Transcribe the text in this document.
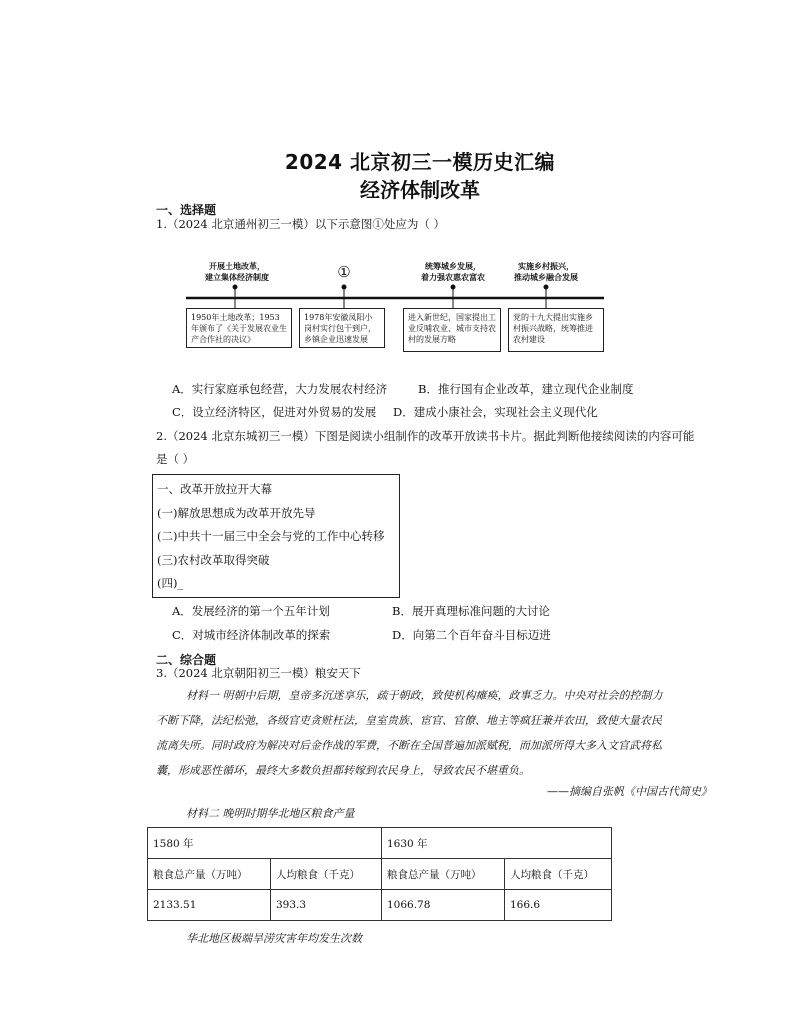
2024 北京初三一模历史汇编
经济体制改革
一、选择题
1.（2024 北京通州初三一模）以下示意图①处应为（ ）
开展土地改革，
建立集体经济制度	①	统筹城乡发展，
着力强农惠农富农
实施乡村振兴，
推动城乡融合发展
1950年土地改革；1953年颁布了《关于发展农业生产合作社的决议》
1978年安徽凤阳小岗村实行包干到户，乡镇企业迅速发展
进入新世纪，国家提出工业反哺农业、城市支持农村的发展方略
党的十九大提出实施乡村振兴战略，统筹推进农村建设
A．实行家庭承包经营，大力发展农村经济	B．推行国有企业改革，建立现代企业制度
C．设立经济特区，促进对外贸易的发展 D．建成小康社会，实现社会主义现代化
2.（2024 北京东城初三一模）下图是阅读小组制作的改革开放读书卡片。据此判断他接续阅读的内容可能
是（ ）
一、改革开放拉开大幕
(一)解放思想成为改革开放先导
(二)中共十一届三中全会与党的工作中心转移
(三)农村改革取得突破
(四)_
A．发展经济的第一个五年计划	B．展开真理标准问题的大讨论
C．对城市经济体制改革的探索	D．向第二个百年奋斗目标迈进
二、综合题
3.（2024 北京朝阳初三一模）粮安天下
材料一 明朝中后期，皇帝多沉迷享乐，疏于朝政，致使机构瘫痪，政事乏力。中央对社会的控制力
不断下降，法纪松弛，各级官吏贪赃枉法，皇室贵族、宦官、官僚、地主等疯狂兼并农田，致使大量农民
流离失所。同时政府为解决对后金作战的军费，不断在全国普遍加派赋税，而加派所得大多入文官武将私
囊，形成恶性循环，最终大多数负担都转嫁到农民身上，导致农民不堪重负。
——摘编自张帆《中国古代简史》
材料二 晚明时期华北地区粮食产量
1580 年		1630 年	
粮食总产量（万吨）	人均粮食（千克）	粮食总产量（万吨）	人均粮食（千克）
2133.51	393.3	1066.78	166.6
华北地区极端旱涝灾害年均发生次数
